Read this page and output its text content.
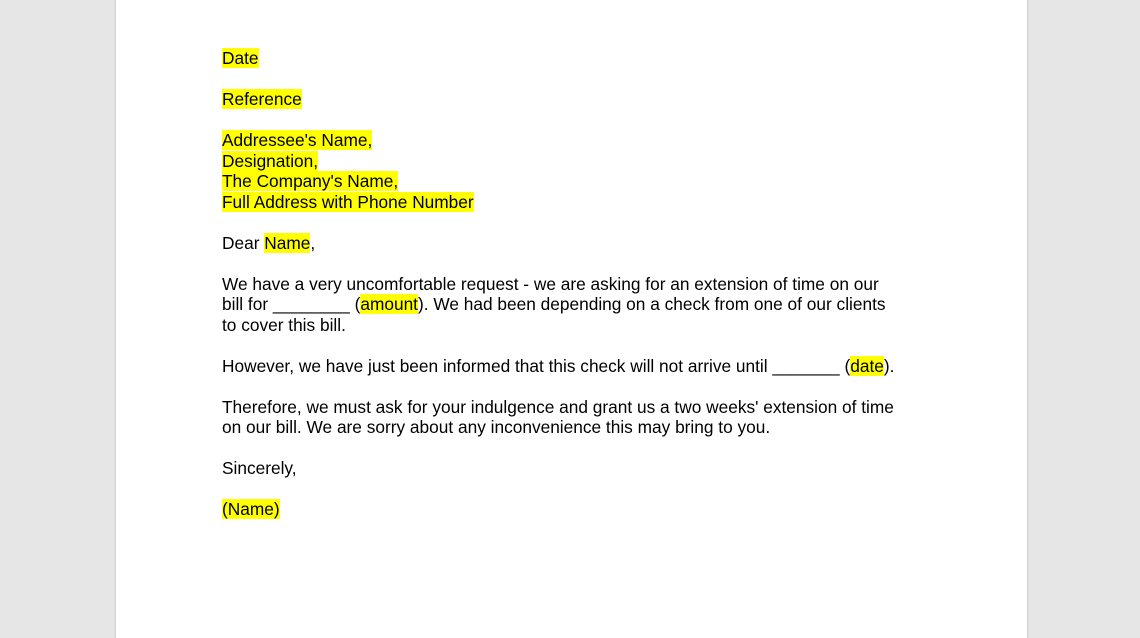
Date

Reference

Addressee's Name,
Designation,
The Company's Name,
Full Address with Phone Number

Dear Name,

We have a very uncomfortable request - we are asking for an extension of time on our
bill for ________ (amount). We had been depending on a check from one of our clients
to cover this bill.

However, we have just been informed that this check will not arrive until _______ (date).

Therefore, we must ask for your indulgence and grant us a two weeks' extension of time
on our bill. We are sorry about any inconvenience this may bring to you.

Sincerely,

(Name)
